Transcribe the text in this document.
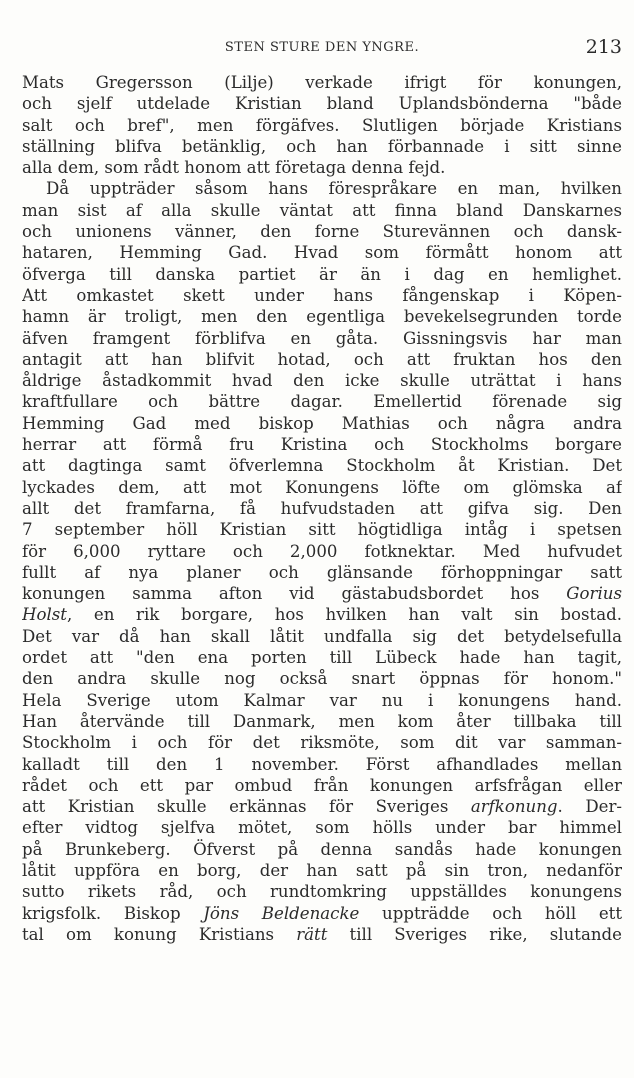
STEN STURE DEN YNGRE.	213
Mats Gregersson (Lilje) verkade ifrigt för konungen,
och sjelf utdelade Kristian bland Uplandsbönderna "både
salt och bref", men förgäfves. Slutligen började Kristians
ställning blifva betänklig, och han förbannade i sitt sinne
alla dem, som rådt honom att företaga denna fejd.
Då uppträder såsom hans förespråkare en man, hvilken
man sist af alla skulle väntat att finna bland Danskarnes
och unionens vänner, den forne Sturevännen och dansk-
hataren, Hemming Gad. Hvad som förmått honom att
öfverga till danska partiet är än i dag en hemlighet.
Att omkastet skett under hans fångenskap i Köpen-
hamn är troligt, men den egentliga bevekelsegrunden torde
äfven framgent förblifva en gåta. Gissningsvis har man
antagit att han blifvit hotad, och att fruktan hos den
åldrige åstadkommit hvad den icke skulle uträttat i hans
kraftfullare och bättre dagar. Emellertid förenade sig
Hemming Gad med biskop Mathias och några andra
herrar att förmå fru Kristina och Stockholms borgare
att dagtinga samt öfverlemna Stockholm åt Kristian. Det
lyckades dem, att mot Konungens löfte om glömska af
allt det framfarna, få hufvudstaden att gifva sig. Den
7 september höll Kristian sitt högtidliga intåg i spetsen
för 6,000 ryttare och 2,000 fotknektar. Med hufvudet
fullt af nya planer och glänsande förhoppningar satt
konungen samma afton vid gästabudsbordet hos Gorius
Holst, en rik borgare, hos hvilken han valt sin bostad.
Det var då han skall låtit undfalla sig det betydelsefulla
ordet att "den ena porten till Lübeck hade han tagit,
den andra skulle nog också snart öppnas för honom."
Hela Sverige utom Kalmar var nu i konungens hand.
Han återvände till Danmark, men kom åter tillbaka till
Stockholm i och för det riksmöte, som dit var samman-
kalladt till den 1 november. Först afhandlades mellan
rådet och ett par ombud från konungen arfsfrågan eller
att Kristian skulle erkännas för Sveriges arfkonung. Der-
efter vidtog sjelfva mötet, som hölls under bar himmel
på Brunkeberg. Öfverst på denna sandås hade konungen
låtit uppföra en borg, der han satt på sin tron, nedanför
sutto rikets råd, och rundtomkring uppställdes konungens
krigsfolk. Biskop Jöns Beldenacke uppträdde och höll ett
tal om konung Kristians rätt till Sveriges rike, slutande
